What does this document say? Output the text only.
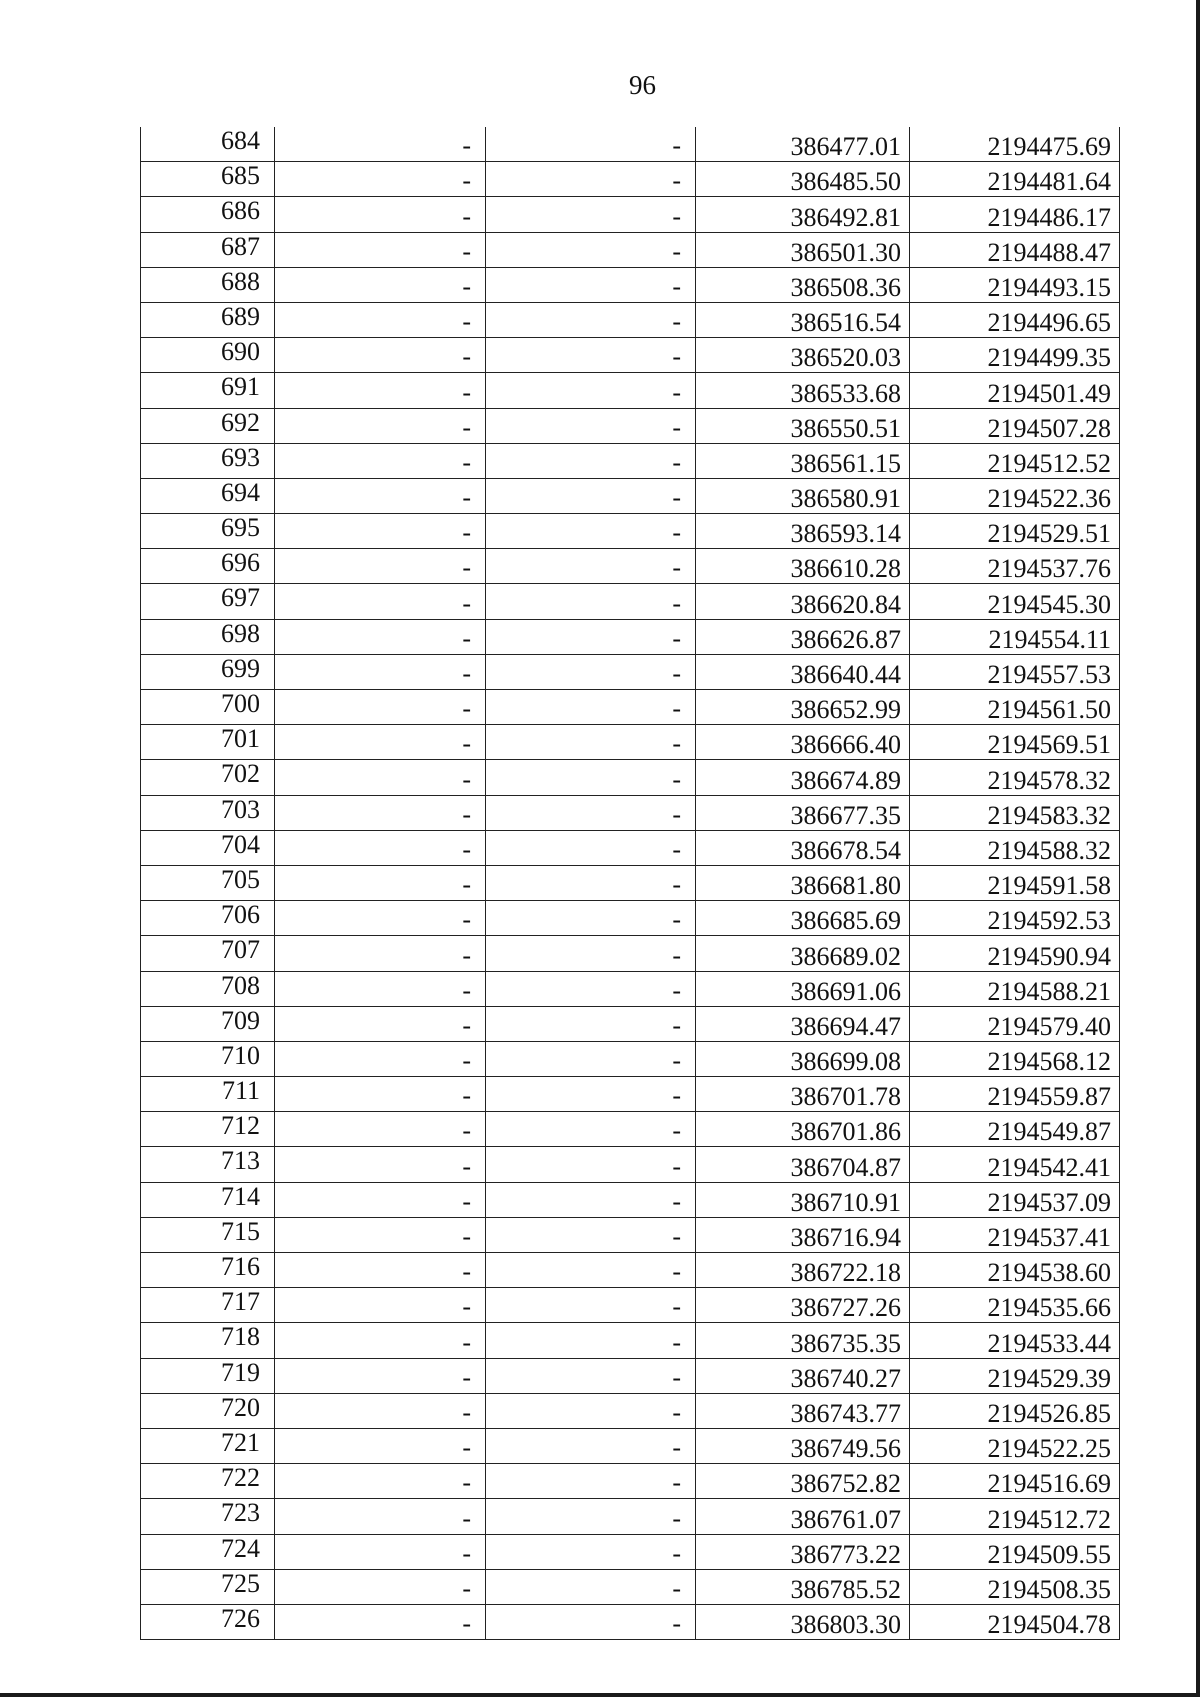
96
684	-	-	386477.01	2194475.69
685	-	-	386485.50	2194481.64
686	-	-	386492.81	2194486.17
687	-	-	386501.30	2194488.47
688	-	-	386508.36	2194493.15
689	-	-	386516.54	2194496.65
690	-	-	386520.03	2194499.35
691	-	-	386533.68	2194501.49
692	-	-	386550.51	2194507.28
693	-	-	386561.15	2194512.52
694	-	-	386580.91	2194522.36
695	-	-	386593.14	2194529.51
696	-	-	386610.28	2194537.76
697	-	-	386620.84	2194545.30
698	-	-	386626.87	2194554.11
699	-	-	386640.44	2194557.53
700	-	-	386652.99	2194561.50
701	-	-	386666.40	2194569.51
702	-	-	386674.89	2194578.32
703	-	-	386677.35	2194583.32
704	-	-	386678.54	2194588.32
705	-	-	386681.80	2194591.58
706	-	-	386685.69	2194592.53
707	-	-	386689.02	2194590.94
708	-	-	386691.06	2194588.21
709	-	-	386694.47	2194579.40
710	-	-	386699.08	2194568.12
711	-	-	386701.78	2194559.87
712	-	-	386701.86	2194549.87
713	-	-	386704.87	2194542.41
714	-	-	386710.91	2194537.09
715	-	-	386716.94	2194537.41
716	-	-	386722.18	2194538.60
717	-	-	386727.26	2194535.66
718	-	-	386735.35	2194533.44
719	-	-	386740.27	2194529.39
720	-	-	386743.77	2194526.85
721	-	-	386749.56	2194522.25
722	-	-	386752.82	2194516.69
723	-	-	386761.07	2194512.72
724	-	-	386773.22	2194509.55
725	-	-	386785.52	2194508.35
726	-	-	386803.30	2194504.78
